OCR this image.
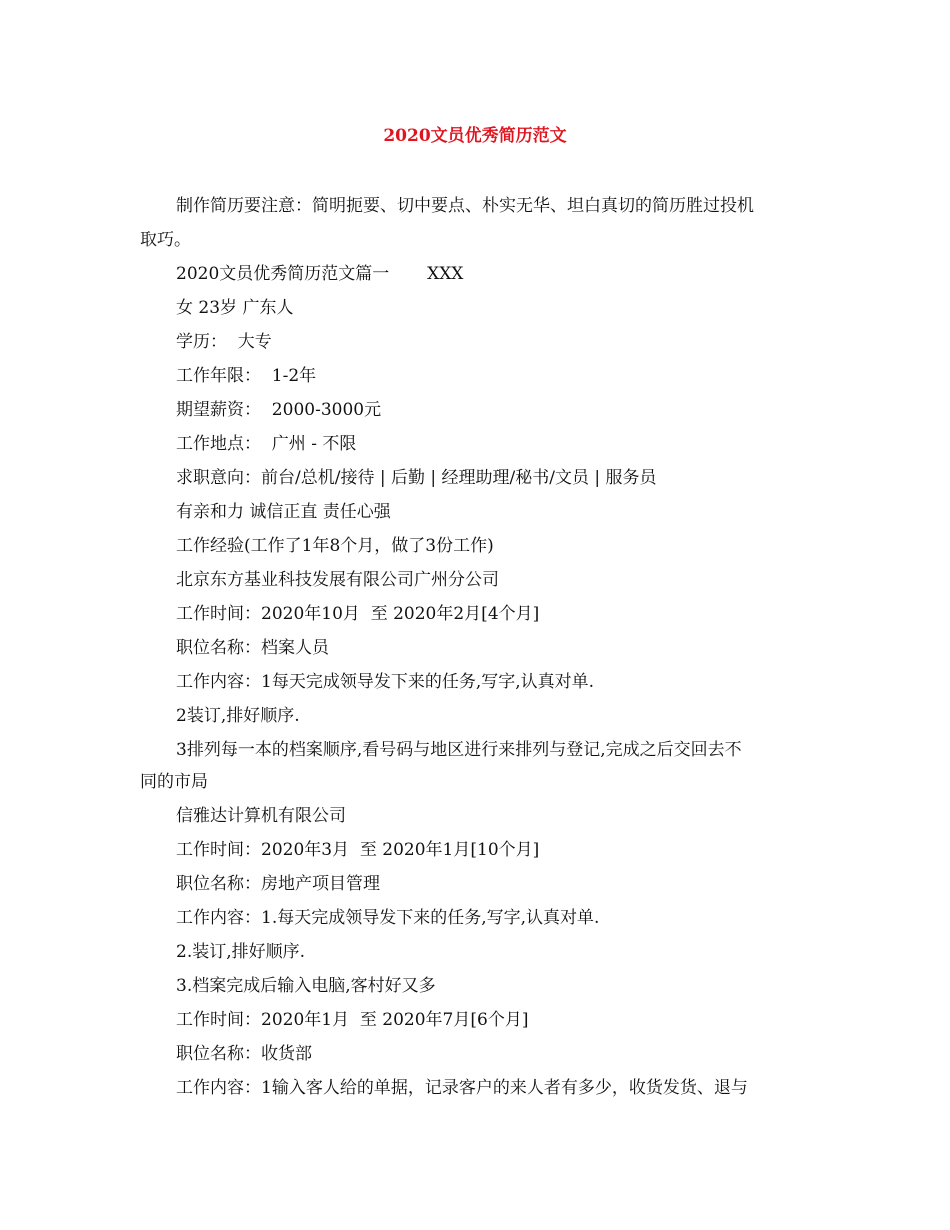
2020文员优秀简历范文
制作简历要注意：简明扼要、切中要点、朴实无华、坦白真切的简历胜过投机
取巧。
2020文员优秀简历范文篇一       XXX
女 23岁 广东人
学历：  大专
工作年限：  1-2年
期望薪资：  2000-3000元
工作地点：  广州 - 不限
求职意向：前台/总机/接待 | 后勤 | 经理助理/秘书/文员 | 服务员
有亲和力 诚信正直 责任心强
工作经验(工作了1年8个月，做了3份工作)
北京东方基业科技发展有限公司广州分公司
工作时间：2020年10月  至 2020年2月[4个月]
职位名称：档案人员
工作内容：1每天完成领导发下来的任务,写字,认真对单.
2装订,排好顺序.
3排列每一本的档案顺序,看号码与地区进行来排列与登记,完成之后交回去不
同的市局
信雅达计算机有限公司
工作时间：2020年3月  至 2020年1月[10个月]
职位名称：房地产项目管理
工作内容：1.每天完成领导发下来的任务,写字,认真对单.
2.装订,排好顺序.
3.档案完成后输入电脑,客村好又多
工作时间：2020年1月  至 2020年7月[6个月]
职位名称：收货部
工作内容：1输入客人给的单据，记录客户的来人者有多少，收货发货、退与
